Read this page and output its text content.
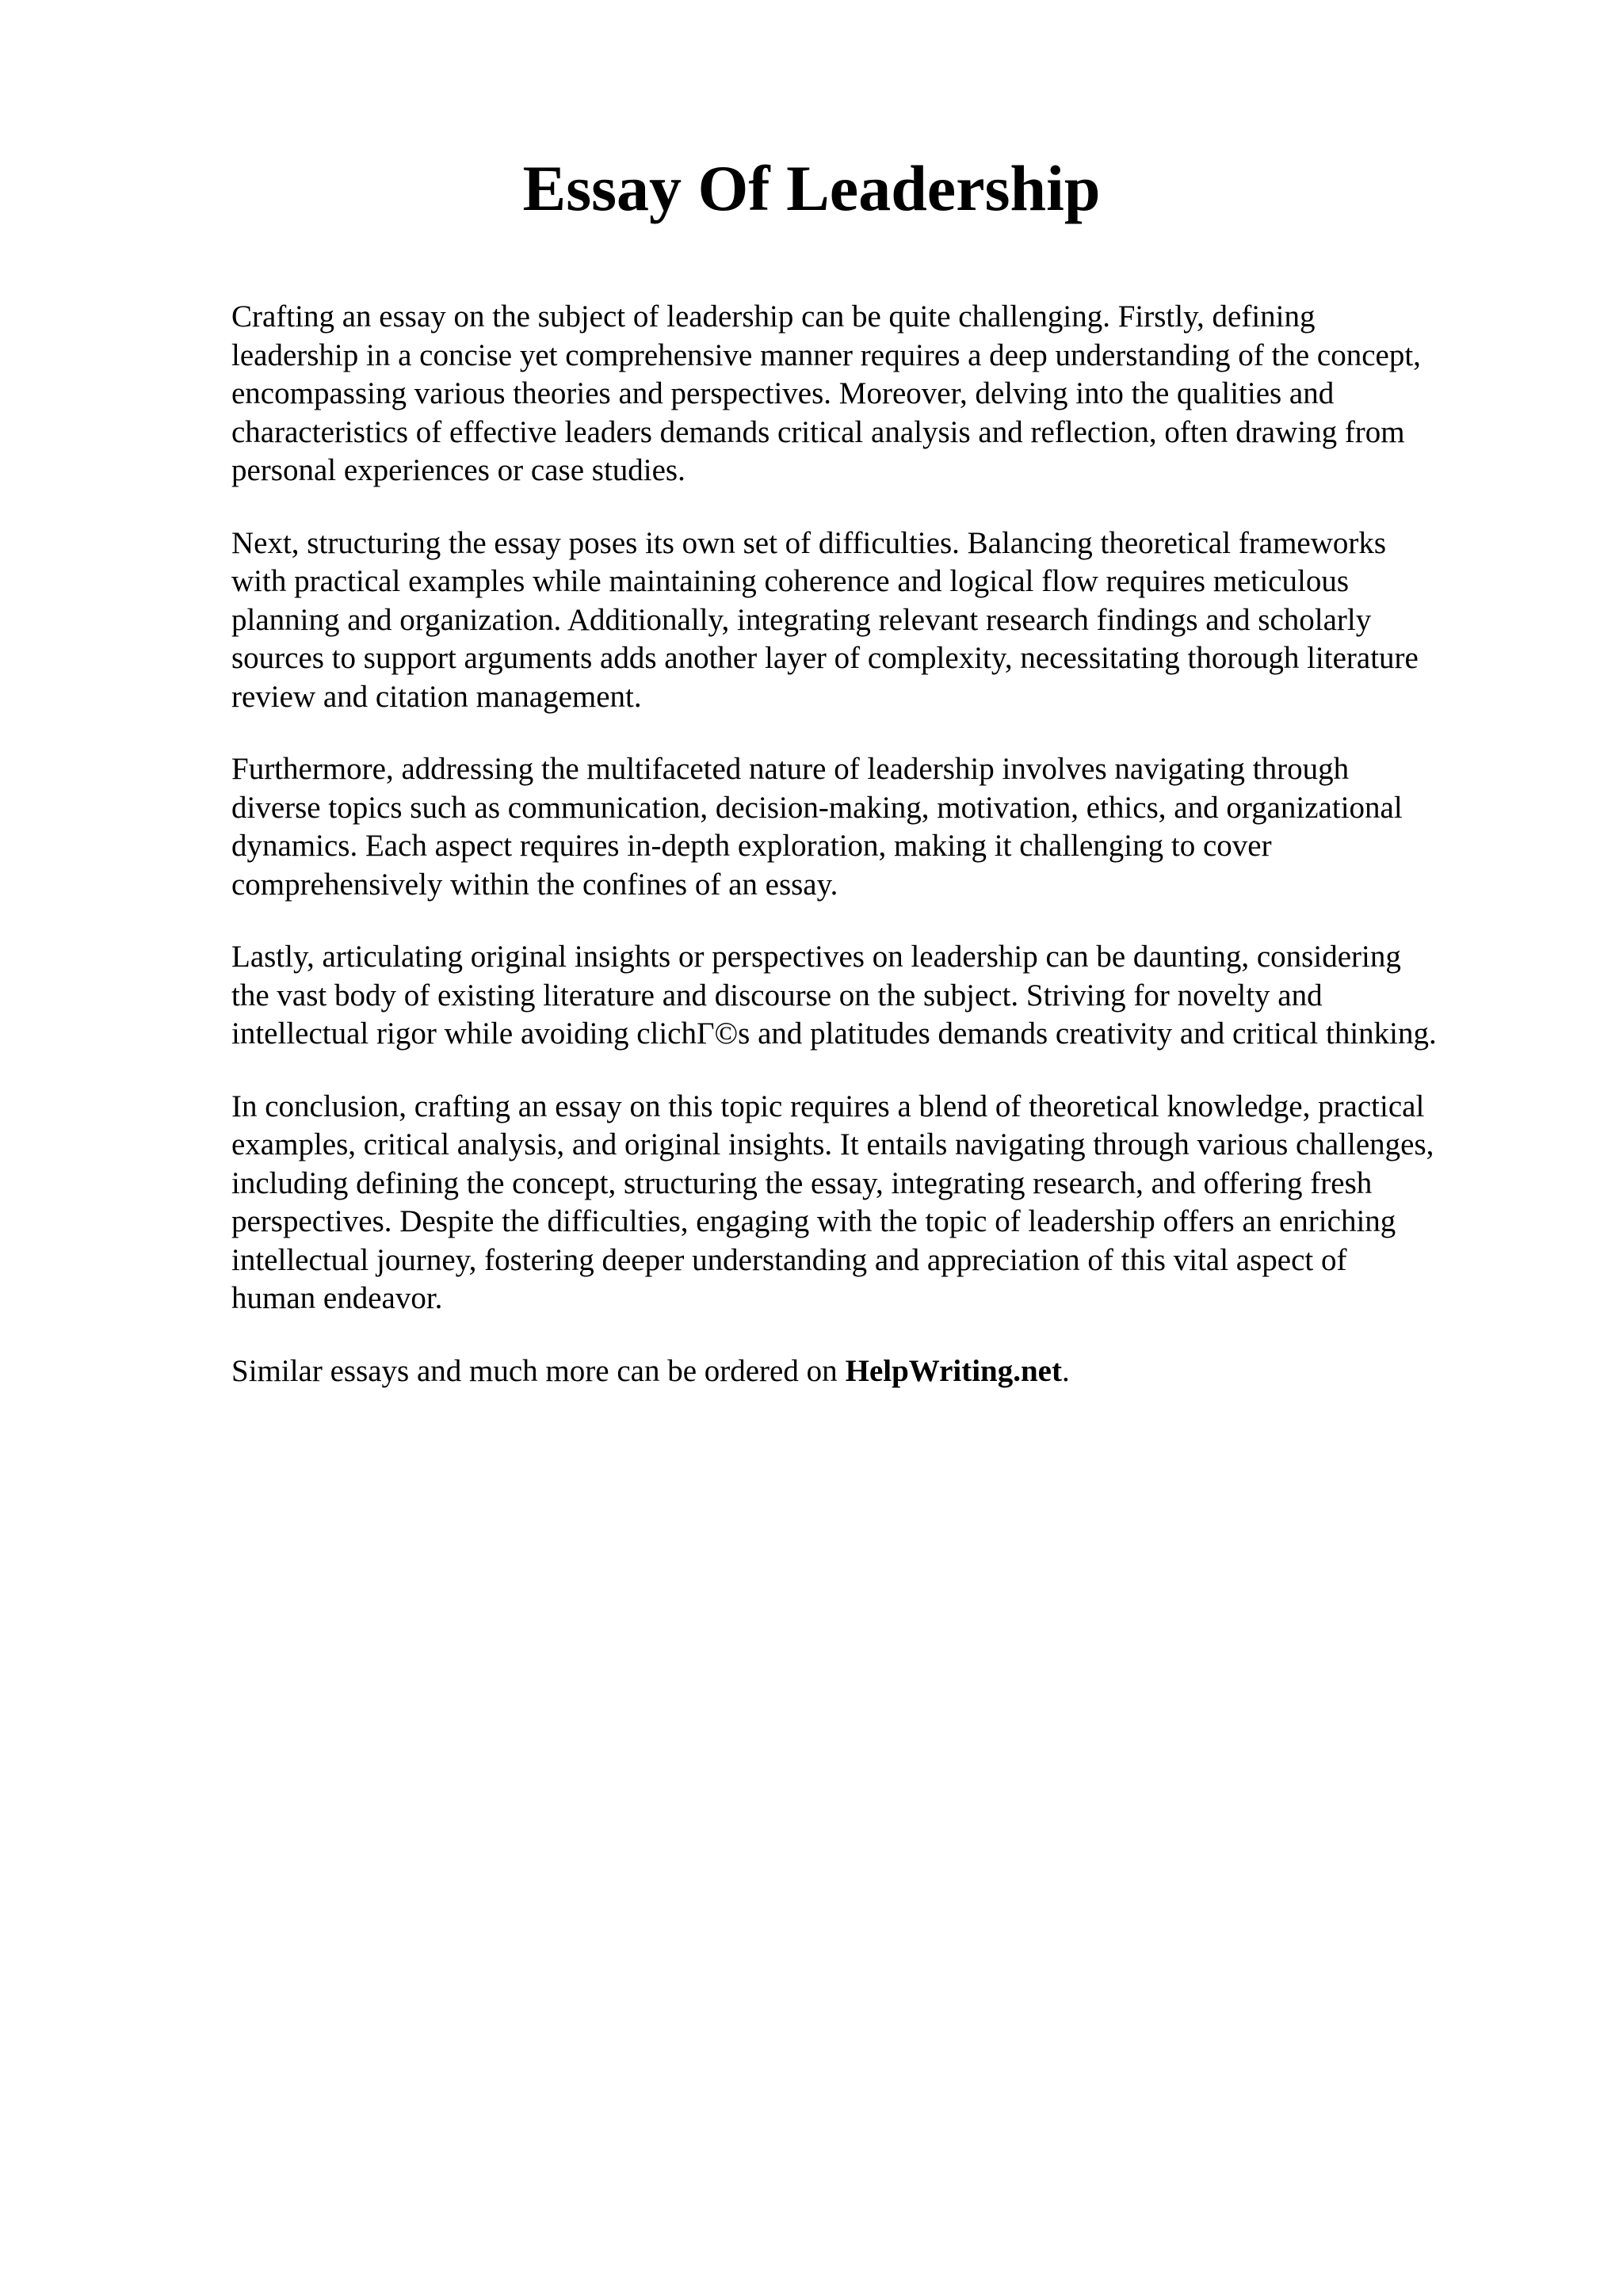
Essay Of Leadership

Crafting an essay on the subject of leadership can be quite challenging. Firstly, defining
leadership in a concise yet comprehensive manner requires a deep understanding of the concept,
encompassing various theories and perspectives. Moreover, delving into the qualities and
characteristics of effective leaders demands critical analysis and reflection, often drawing from
personal experiences or case studies.

Next, structuring the essay poses its own set of difficulties. Balancing theoretical frameworks
with practical examples while maintaining coherence and logical flow requires meticulous
planning and organization. Additionally, integrating relevant research findings and scholarly
sources to support arguments adds another layer of complexity, necessitating thorough literature
review and citation management.

Furthermore, addressing the multifaceted nature of leadership involves navigating through
diverse topics such as communication, decision-making, motivation, ethics, and organizational
dynamics. Each aspect requires in-depth exploration, making it challenging to cover
comprehensively within the confines of an essay.

Lastly, articulating original insights or perspectives on leadership can be daunting, considering
the vast body of existing literature and discourse on the subject. Striving for novelty and
intellectual rigor while avoiding clichΓ©s and platitudes demands creativity and critical thinking.

In conclusion, crafting an essay on this topic requires a blend of theoretical knowledge, practical
examples, critical analysis, and original insights. It entails navigating through various challenges,
including defining the concept, structuring the essay, integrating research, and offering fresh
perspectives. Despite the difficulties, engaging with the topic of leadership offers an enriching
intellectual journey, fostering deeper understanding and appreciation of this vital aspect of
human endeavor.

Similar essays and much more can be ordered on HelpWriting.net.
